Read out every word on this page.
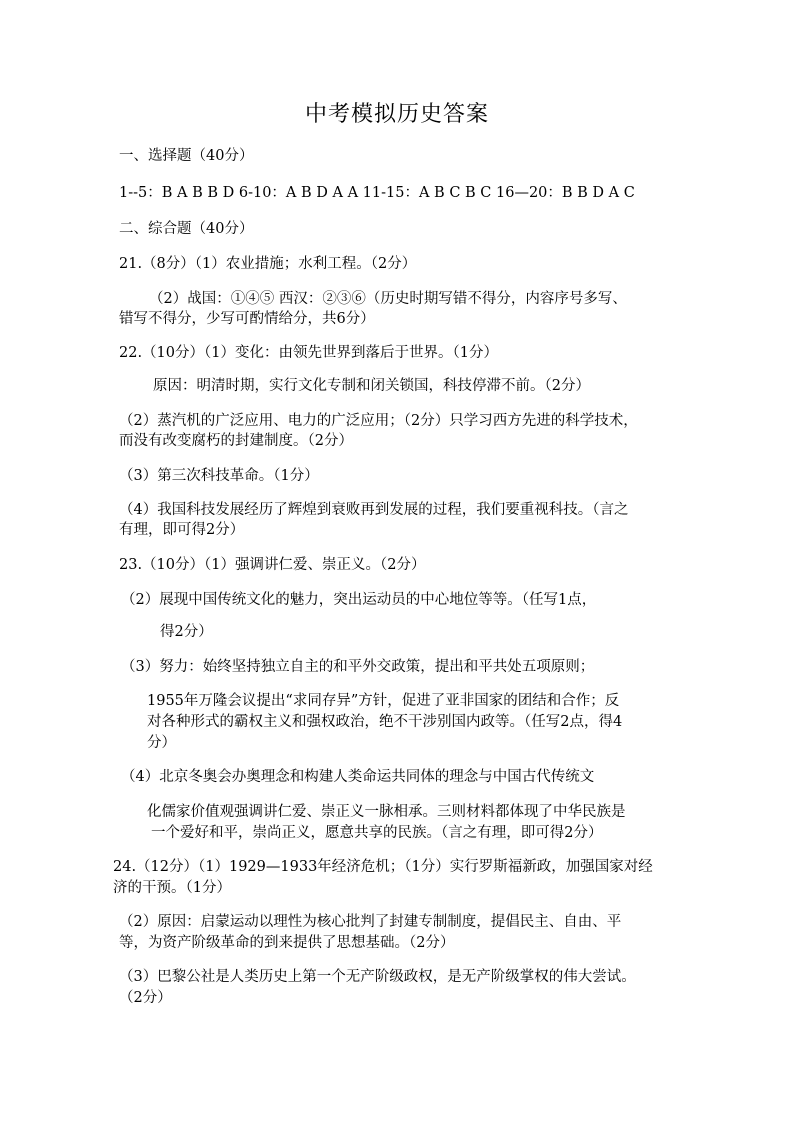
中考模拟历史答案

一、选择题（40分）

1--5：B A B B D 6-10：A B D A A 11-15：A B C B C 16—20：B B D A C

二、综合题（40分）

21.（8分）（1）农业措施；水利工程。（2分）

（2）战国：①④⑤ 西汉：②③⑥（历史时期写错不得分，内容序号多写、

错写不得分，少写可酌情给分，共6分）

22.（10分）（1）变化：由领先世界到落后于世界。（1分）

原因：明清时期，实行文化专制和闭关锁国，科技停滞不前。（2分）

（2）蒸汽机的广泛应用、电力的广泛应用；（2分）只学习西方先进的科学技术，

而没有改变腐朽的封建制度。（2分）

（3）第三次科技革命。（1分）

（4）我国科技发展经历了辉煌到衰败再到发展的过程，我们要重视科技。（言之

有理，即可得2分）

23.（10分）（1）强调讲仁爱、崇正义。（2分）

（2）展现中国传统文化的魅力，突出运动员的中心地位等等。（任写1点，

得2分）

（3）努力：始终坚持独立自主的和平外交政策，提出和平共处五项原则；

1955年万隆会议提出“求同存异”方针，促进了亚非国家的团结和合作；反

对各种形式的霸权主义和强权政治，绝不干涉别国内政等。（任写2点，得4

分）

（4）北京冬奥会办奥理念和构建人类命运共同体的理念与中国古代传统文

化儒家价值观强调讲仁爱、崇正义一脉相承。三则材料都体现了中华民族是

一个爱好和平，崇尚正义，愿意共享的民族。（言之有理，即可得2分）

24.（12分）（1）1929—1933年经济危机；（1分）实行罗斯福新政，加强国家对经

济的干预。（1分）

（2）原因：启蒙运动以理性为核心批判了封建专制制度，提倡民主、自由、平

等，为资产阶级革命的到来提供了思想基础。（2分）

（3）巴黎公社是人类历史上第一个无产阶级政权，是无产阶级掌权的伟大尝试。

（2分）
